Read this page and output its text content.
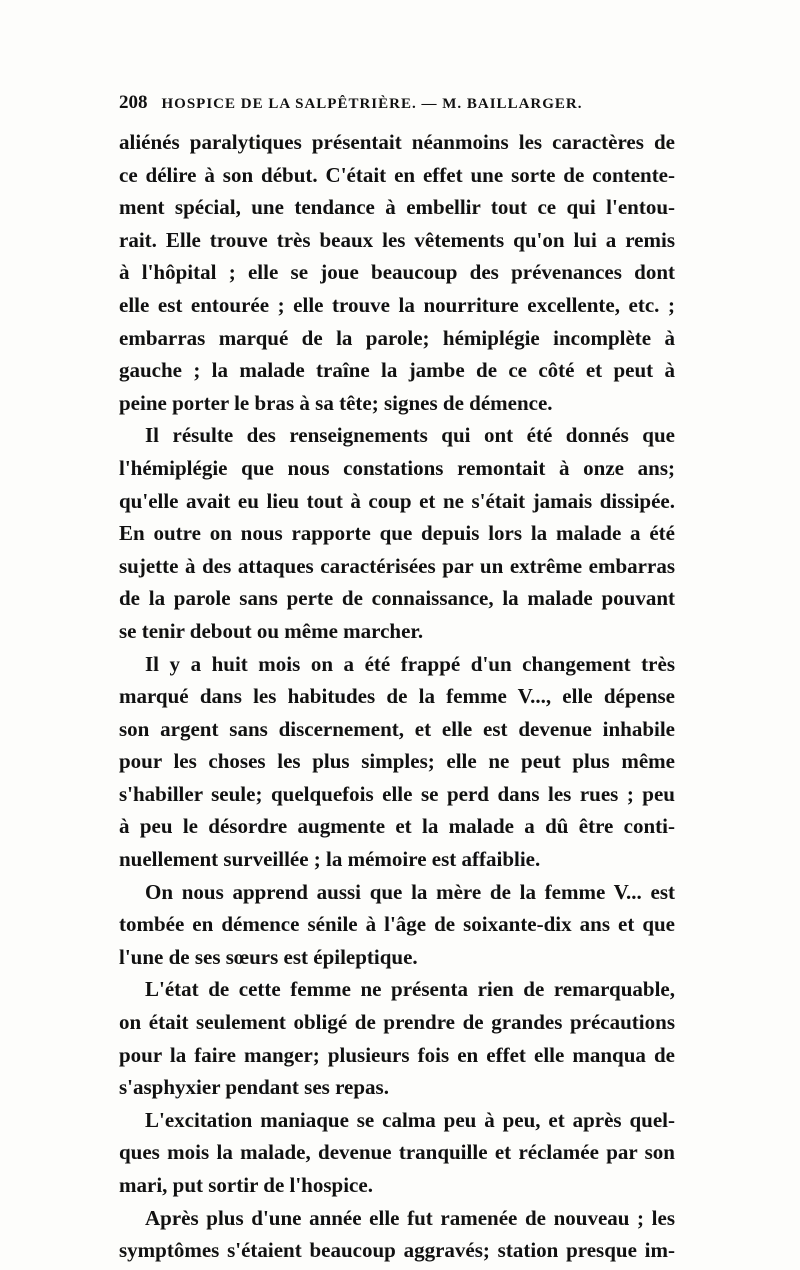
208 HOSPICE DE LA SALPÊTRIÈRE. — M. BAILLARGER.
aliénés paralytiques présentait néanmoins les caractères de
ce délire à son début. C'était en effet une sorte de contente-
ment spécial, une tendance à embellir tout ce qui l'entou-
rait. Elle trouve très beaux les vêtements qu'on lui a remis
à l'hôpital ; elle se joue beaucoup des prévenances dont
elle est entourée ; elle trouve la nourriture excellente, etc. ;
embarras marqué de la parole; hémiplégie incomplète à
gauche ; la malade traîne la jambe de ce côté et peut à
peine porter le bras à sa tête; signes de démence.
Il résulte des renseignements qui ont été donnés que
l'hémiplégie que nous constations remontait à onze ans;
qu'elle avait eu lieu tout à coup et ne s'était jamais dissipée.
En outre on nous rapporte que depuis lors la malade a été
sujette à des attaques caractérisées par un extrême embarras
de la parole sans perte de connaissance, la malade pouvant
se tenir debout ou même marcher.
Il y a huit mois on a été frappé d'un changement très
marqué dans les habitudes de la femme V..., elle dépense
son argent sans discernement, et elle est devenue inhabile
pour les choses les plus simples; elle ne peut plus même
s'habiller seule; quelquefois elle se perd dans les rues ; peu
à peu le désordre augmente et la malade a dû être conti-
nuellement surveillée ; la mémoire est affaiblie.
On nous apprend aussi que la mère de la femme V... est
tombée en démence sénile à l'âge de soixante-dix ans et que
l'une de ses sœurs est épileptique.
L'état de cette femme ne présenta rien de remarquable,
on était seulement obligé de prendre de grandes précautions
pour la faire manger; plusieurs fois en effet elle manqua de
s'asphyxier pendant ses repas.
L'excitation maniaque se calma peu à peu, et après quel-
ques mois la malade, devenue tranquille et réclamée par son
mari, put sortir de l'hospice.
Après plus d'une année elle fut ramenée de nouveau ; les
symptômes s'étaient beaucoup aggravés; station presque im-
